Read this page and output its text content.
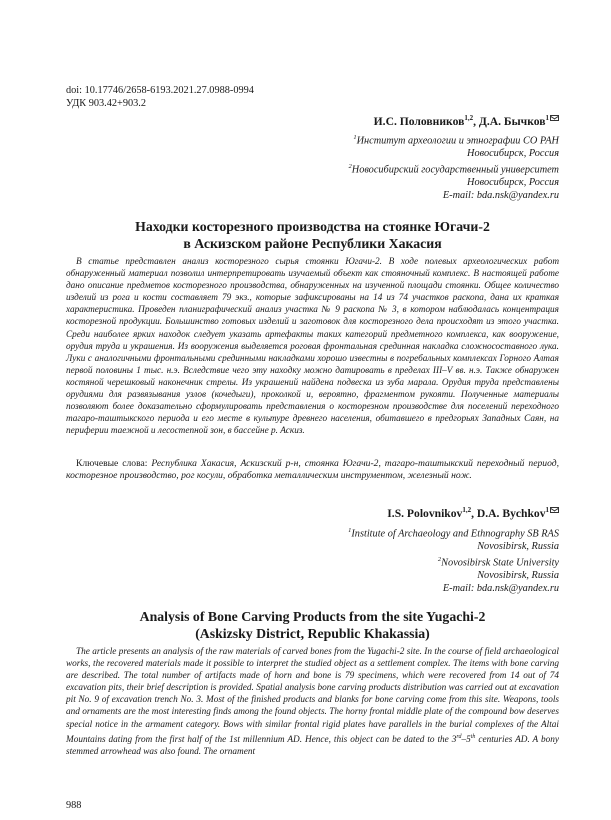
doi: 10.17746/2658-6193.2021.27.0988-0994
УДК 903.42+903.2
И.С. Половников$^{1,2}$, Д.А. Бычков$^1$
$^1$Институт археологии и этнографии СО РАН
Новосибирск, Россия
$^2$Новосибирский государственный университет
Новосибирск, Россия
E-mail: bda.nsk@yandex.ru
Находки косторезного производства на стоянке Югачи-2
в Аскизском районе Республики Хакасия
В статье представлен анализ косторезного сырья стоянки Югачи-2. В ходе полевых археологических работ обнаруженный материал позволил интерпретировать изучаемый объект как стояночный комплекс. В настоящей работе дано описание предметов косторезного производства, обнаруженных на изученной площади стоянки. Общее количество изделий из рога и кости составляет 79 экз., которые зафиксированы на 14 из 74 участков раскопа, дана их краткая характеристика. Проведен планиграфический анализ участка № 9 раскопа № 3, в котором наблюдалась концентрация косторезной продукции. Большинство готовых изделий и заготовок для косторезного дела происходят из этого участка. Среди наиболее ярких находок следует указать артефакты таких категорий предметного комплекса, как вооружение, орудия труда и украшения. Из вооружения выделяется роговая фронтальная срединная накладка сложносоставного лука. Луки с аналогичными фронтальными срединными накладками хорошо известны в погребальных комплексах Горного Алтая первой половины 1 тыс. н.э. Вследствие чего эту находку можно датировать в пределах III–V вв. н.э. Также обнаружен костяной черешковый наконечник стрелы. Из украшений найдена подвеска из зуба марала. Орудия труда представлены орудиями для развязывания узлов (кочедыги), проколкой и, вероятно, фрагментом рукояти. Полученные материалы позволяют более доказательно сформулировать представления о косторезном производстве для поселений переходного тагаро-таштыкского периода и его месте в культуре древнего населения, обитавшего в предгорьях Западных Саян, на периферии таежной и лесостепной зон, в бассейне р. Аскиз.
Ключевые слова: Республика Хакасия, Аскизский р-н, стоянка Югачи-2, тагаро-таштыкский переходный период, косторезное производство, рог косули, обработка металлическим инструментом, железный нож.
I.S. Polovnikov$^{1,2}$, D.A. Bychkov$^1$
$^1$Institute of Archaeology and Ethnography SB RAS
Novosibirsk, Russia
$^2$Novosibirsk State University
Novosibirsk, Russia
E-mail: bda.nsk@yandex.ru
Analysis of Bone Carving Products from the site Yugachi-2
(Askizsky District, Republic Khakassia)
The article presents an analysis of the raw materials of carved bones from the Yugachi-2 site. In the course of field archaeological works, the recovered materials made it possible to interpret the studied object as a settlement complex. The items with bone carving are described. The total number of artifacts made of horn and bone is 79 specimens, which were recovered from 14 out of 74 excavation pits, their brief description is provided. Spatial analysis bone carving products distribution was carried out at excavation pit No. 9 of excavation trench No. 3. Most of the finished products and blanks for bone carving come from this site. Weapons, tools and ornaments are the most interesting finds among the found objects. The horny frontal middle plate of the compound bow deserves special notice in the armament category. Bows with similar frontal rigid plates have parallels in the burial complexes of the Altai Mountains dating from the first half of the 1st millennium AD. Hence, this object can be dated to the 3rd–5th centuries AD. A bony stemmed arrowhead was also found. The ornament
988
